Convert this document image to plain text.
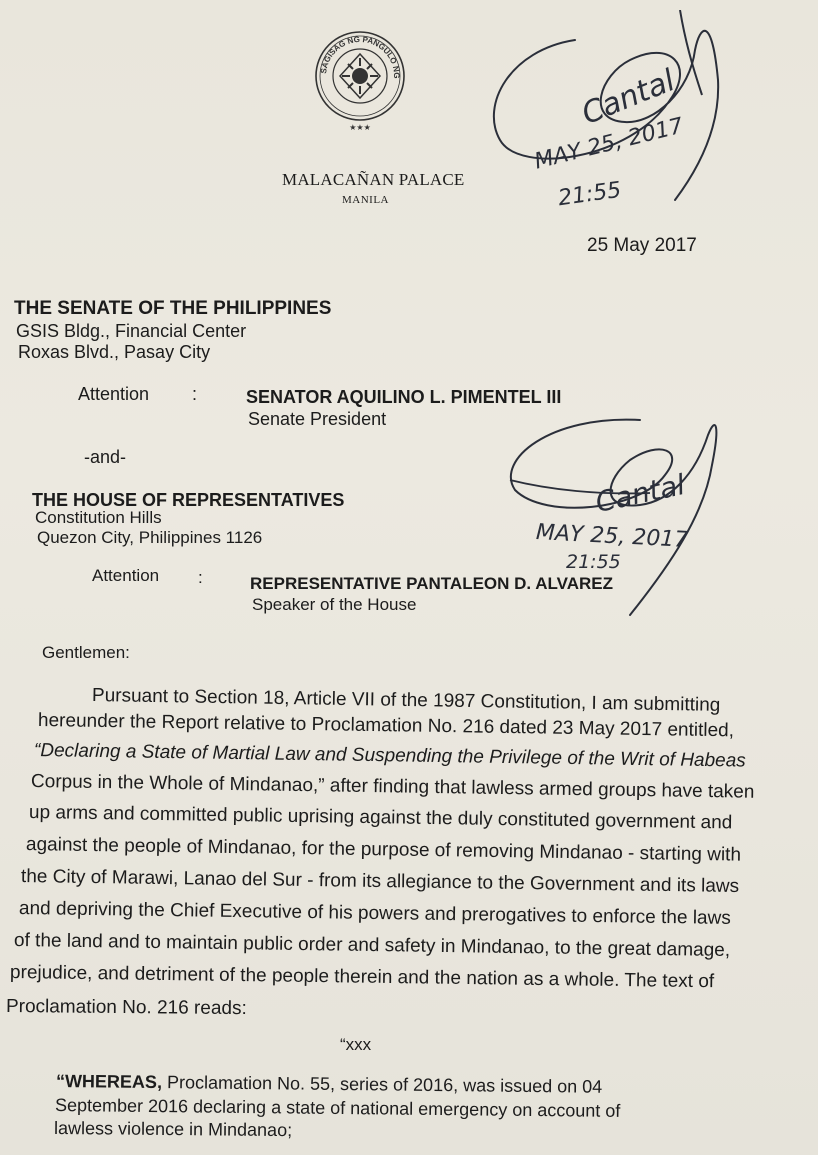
SAGISAG NG PANGULO NG
★★★
MALACAÑAN PALACE
MANILA
25 May 2017
Cantal
MAY 25, 2017
21:55
THE SENATE OF THE PHILIPPINES
GSIS Bldg., Financial Center
Roxas Blvd., Pasay City
Attention :	SENATOR AQUILINO L. PIMENTEL III
Senate President
-and-
Cantal
MAY 25, 2017
21:55
THE HOUSE OF REPRESENTATIVES
Constitution Hills
Quezon City, Philippines 1126
Attention :	REPRESENTATIVE PANTALEON D. ALVAREZ
Speaker of the House
Gentlemen:
Pursuant to Section 18, Article VII of the 1987 Constitution, I am submitting
hereunder the Report relative to Proclamation No. 216 dated 23 May 2017 entitled,
“Declaring a State of Martial Law and Suspending the Privilege of the Writ of Habeas
Corpus in the Whole of Mindanao,” after finding that lawless armed groups have taken
up arms and committed public uprising against the duly constituted government and
against the people of Mindanao, for the purpose of removing Mindanao - starting with
the City of Marawi, Lanao del Sur - from its allegiance to the Government and its laws
and depriving the Chief Executive of his powers and prerogatives to enforce the laws
of the land and to maintain public order and safety in Mindanao, to the great damage,
prejudice, and detriment of the people therein and the nation as a whole. The text of
Proclamation No. 216 reads:
“xxx
“WHEREAS, Proclamation No. 55, series of 2016, was issued on 04
September 2016 declaring a state of national emergency on account of
lawless violence in Mindanao;
